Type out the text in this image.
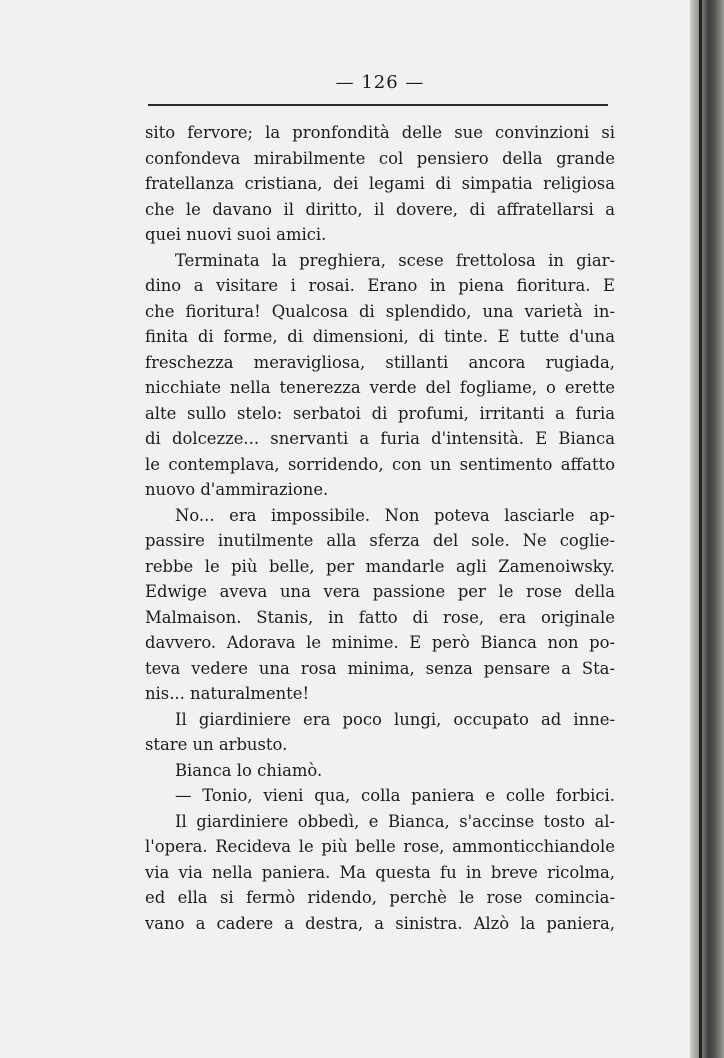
— 126 —
sito fervore; la pronfondità delle sue convinzioni si
confondeva mirabilmente col pensiero della grande
fratellanza cristiana, dei legami di simpatia religiosa
che le davano il diritto, il dovere, di affratellarsi a
quei nuovi suoi amici.
Terminata la preghiera, scese frettolosa in giar-
dino a visitare i rosai. Erano in piena fioritura. E
che fioritura! Qualcosa di splendido, una varietà in-
finita di forme, di dimensioni, di tinte. E tutte d'una
freschezza meravigliosa, stillanti ancora rugiada,
nicchiate nella tenerezza verde del fogliame, o erette
alte sullo stelo: serbatoi di profumi, irritanti a furia
di dolcezze... snervanti a furia d'intensità. E Bianca
le contemplava, sorridendo, con un sentimento affatto
nuovo d'ammirazione.
No... era impossibile. Non poteva lasciarle ap-
passire inutilmente alla sferza del sole. Ne coglie-
rebbe le più belle, per mandarle agli Zamenoiwsky.
Edwige aveva una vera passione per le rose della
Malmaison. Stanis, in fatto di rose, era originale
davvero. Adorava le minime. E però Bianca non po-
teva vedere una rosa minima, senza pensare a Sta-
nis... naturalmente!
Il giardiniere era poco lungi, occupato ad inne-
stare un arbusto.
Bianca lo chiamò.
— Tonio, vieni qua, colla paniera e colle forbici.
Il giardiniere obbedì, e Bianca, s'accinse tosto al-
l'opera. Recideva le più belle rose, ammonticchiandole
via via nella paniera. Ma questa fu in breve ricolma,
ed ella si fermò ridendo, perchè le rose comincia-
vano a cadere a destra, a sinistra. Alzò la paniera,
